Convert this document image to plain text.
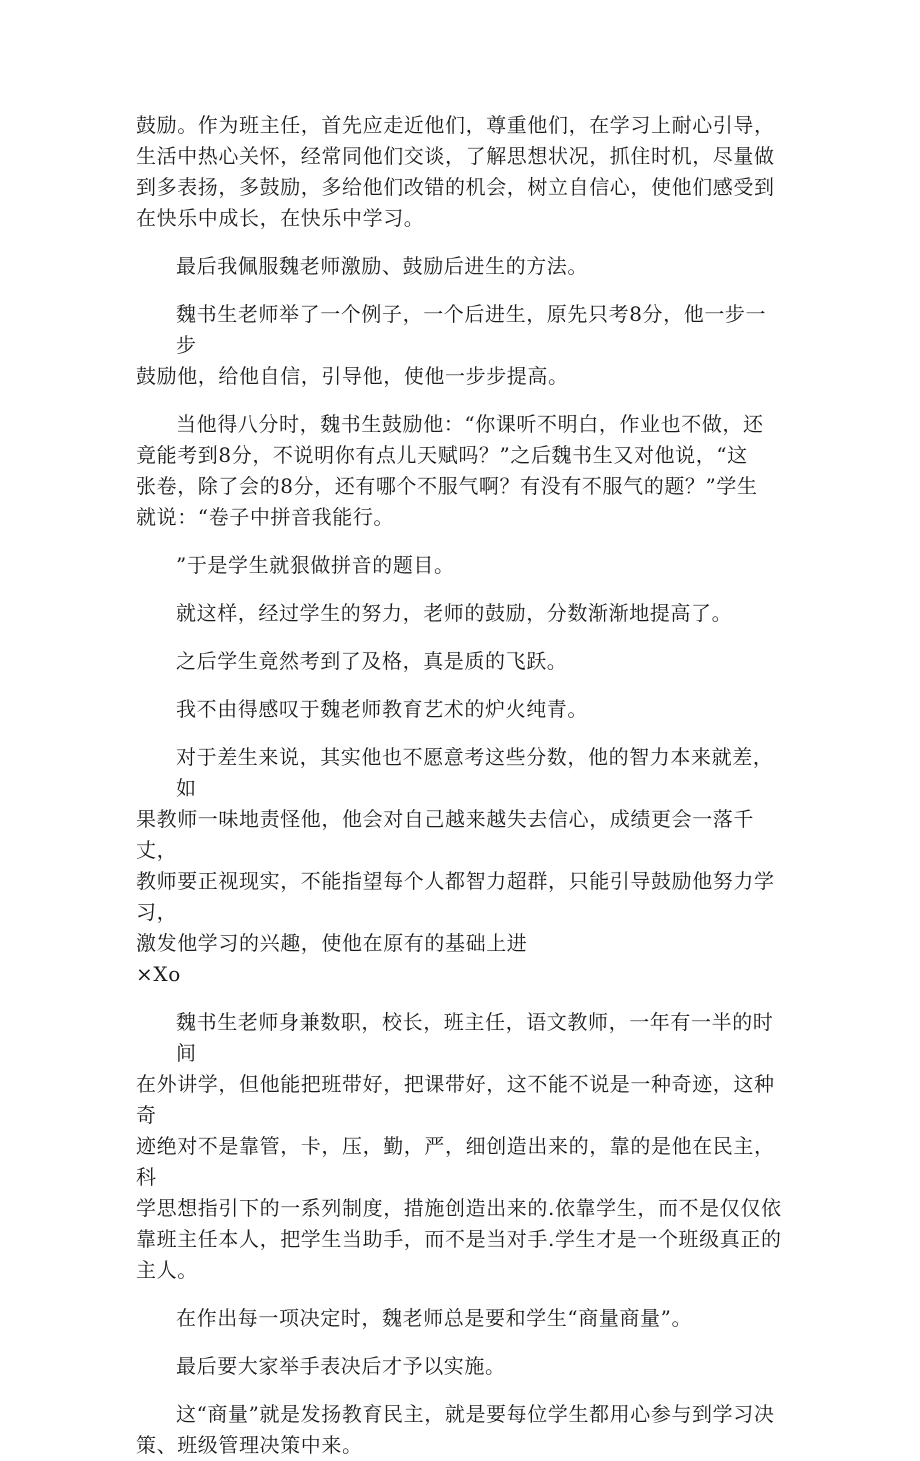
鼓励。作为班主任，首先应走近他们，尊重他们，在学习上耐心引导，
生活中热心关怀，经常同他们交谈，了解思想状况，抓住时机，尽量做
到多表扬，多鼓励，多给他们改错的机会，树立自信心，使他们感受到
在快乐中成长，在快乐中学习。

最后我佩服魏老师激励、鼓励后进生的方法。

魏书生老师举了一个例子，一个后进生，原先只考8分，他一步一步
鼓励他，给他自信，引导他，使他一步步提高。

当他得八分时，魏书生鼓励他：“你课听不明白，作业也不做，还
竟能考到8分，不说明你有点儿天赋吗？”之后魏书生又对他说，“这
张卷，除了会的8分，还有哪个不服气啊？有没有不服气的题？”学生
就说：“卷子中拼音我能行。

”于是学生就狠做拼音的题目。

就这样，经过学生的努力，老师的鼓励，分数渐渐地提高了。

之后学生竟然考到了及格，真是质的飞跃。

我不由得感叹于魏老师教育艺术的炉火纯青。

对于差生来说，其实他也不愿意考这些分数，他的智力本来就差，如
果教师一味地责怪他，他会对自己越来越失去信心，成绩更会一落千丈，
教师要正视现实，不能指望每个人都智力超群，只能引导鼓励他努力学习，
激发他学习的兴趣，使他在原有的基础上进

×Xo

魏书生老师身兼数职，校长，班主任，语文教师，一年有一半的时间
在外讲学，但他能把班带好，把课带好，这不能不说是一种奇迹，这种奇
迹绝对不是靠管，卡，压，勤，严，细创造出来的，靠的是他在民主，科
学思想指引下的一系列制度，措施创造出来的.依靠学生，而不是仅仅依
靠班主任本人，把学生当助手，而不是当对手.学生才是一个班级真正的
主人。

在作出每一项决定时，魏老师总是要和学生“商量商量”。

最后要大家举手表决后才予以实施。

这“商量”就是发扬教育民主，就是要每位学生都用心参与到学习决
策、班级管理决策中来。
